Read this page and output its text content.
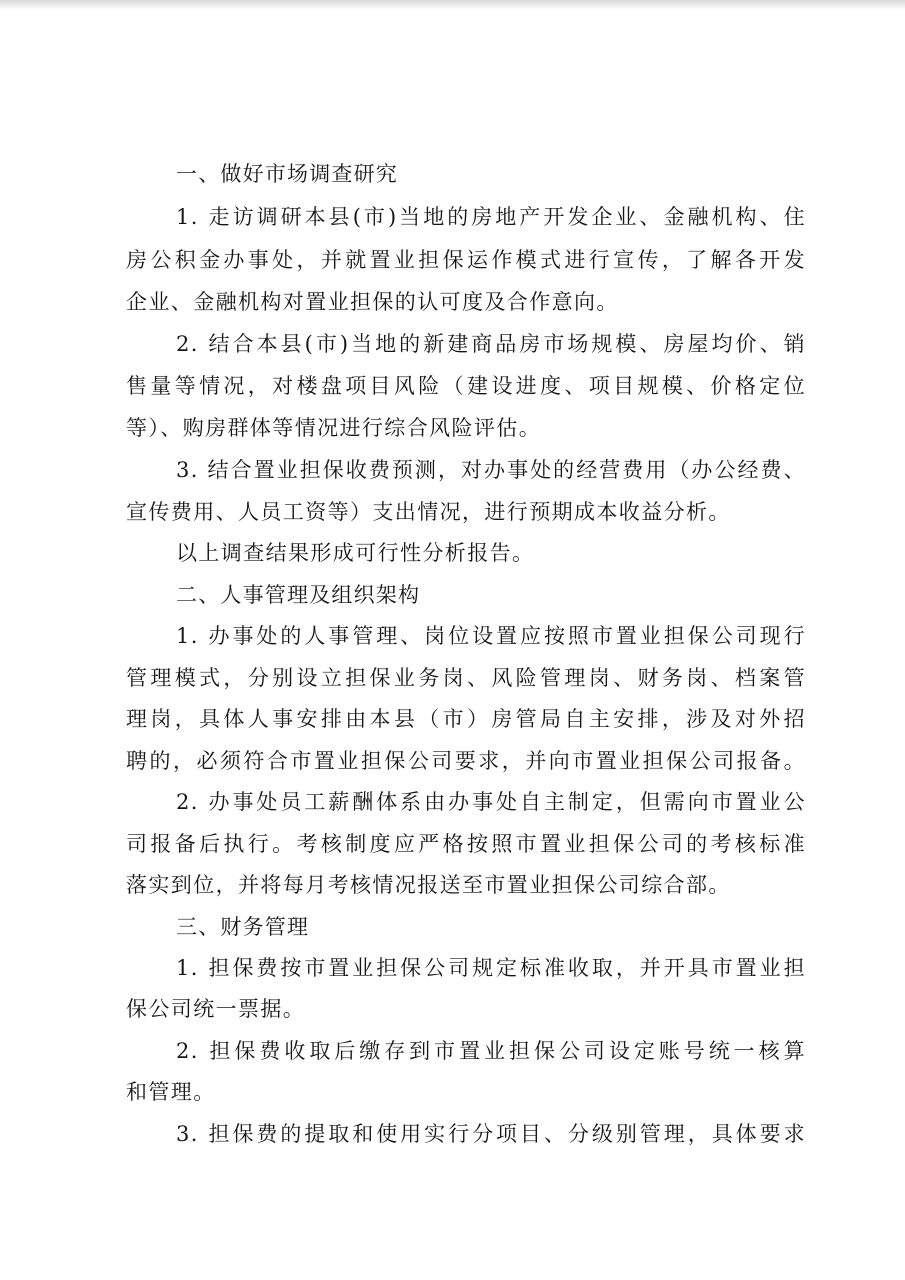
一、做好市场调查研究
1. 走访调研本县(市)当地的房地产开发企业、金融机构、住
房公积金办事处，并就置业担保运作模式进行宣传，了解各开发
企业、金融机构对置业担保的认可度及合作意向。
2. 结合本县(市)当地的新建商品房市场规模、房屋均价、销
售量等情况，对楼盘项目风险（建设进度、项目规模、价格定位
等）、购房群体等情况进行综合风险评估。
3. 结合置业担保收费预测，对办事处的经营费用（办公经费、
宣传费用、人员工资等）支出情况，进行预期成本收益分析。
以上调查结果形成可行性分析报告。
二、人事管理及组织架构
1. 办事处的人事管理、岗位设置应按照市置业担保公司现行
管理模式，分别设立担保业务岗、风险管理岗、财务岗、档案管
理岗，具体人事安排由本县（市）房管局自主安排，涉及对外招
聘的，必须符合市置业担保公司要求，并向市置业担保公司报备。
2. 办事处员工薪酬体系由办事处自主制定，但需向市置业公
司报备后执行。考核制度应严格按照市置业担保公司的考核标准
落实到位，并将每月考核情况报送至市置业担保公司综合部。
三、财务管理
1. 担保费按市置业担保公司规定标准收取，并开具市置业担
保公司统一票据。
2. 担保费收取后缴存到市置业担保公司设定账号统一核算
和管理。
3. 担保费的提取和使用实行分项目、分级别管理，具体要求
